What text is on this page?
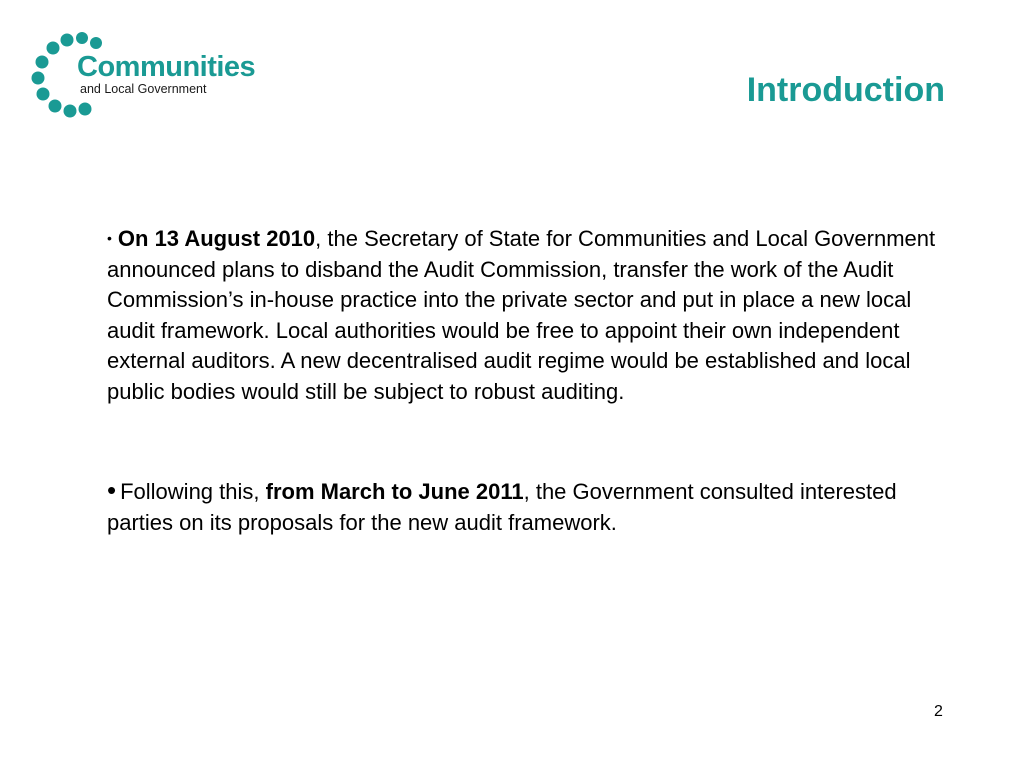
Communities
and Local Government	Introduction

• On 13 August 2010, the Secretary of State for Communities and Local Government announced plans to disband the Audit Commission, transfer the work of the Audit Commission’s in-house practice into the private sector and put in place a new local audit framework. Local authorities would be free to appoint their own independent external auditors. A new decentralised audit regime would be established and local public bodies would still be subject to robust auditing.

• Following this, from March to June 2011, the Government consulted interested parties on its proposals for the new audit framework.

2
